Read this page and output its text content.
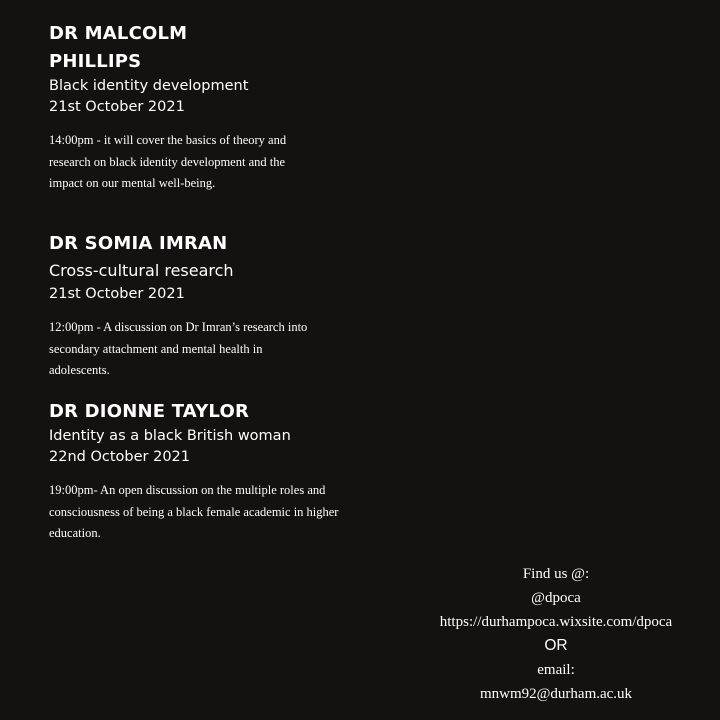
DR MALCOLM
PHILLIPS
Black identity development
21st October 2021
14:00pm - it will cover the basics of theory and research on black identity development and the impact on our mental well-being.
DR SOMIA IMRAN
Cross-cultural research
21st October 2021
12:00pm - A discussion on Dr Imran’s research into secondary attachment and mental health in adolescents.
DR DIONNE TAYLOR
Identity as a black British woman
22nd October 2021
19:00pm- An open discussion on the multiple roles and consciousness of being a black female academic in higher education.
Find us @:
@dpoca
https://durhampoca.wixsite.com/dpoca
OR
email:
mnwm92@durham.ac.uk
